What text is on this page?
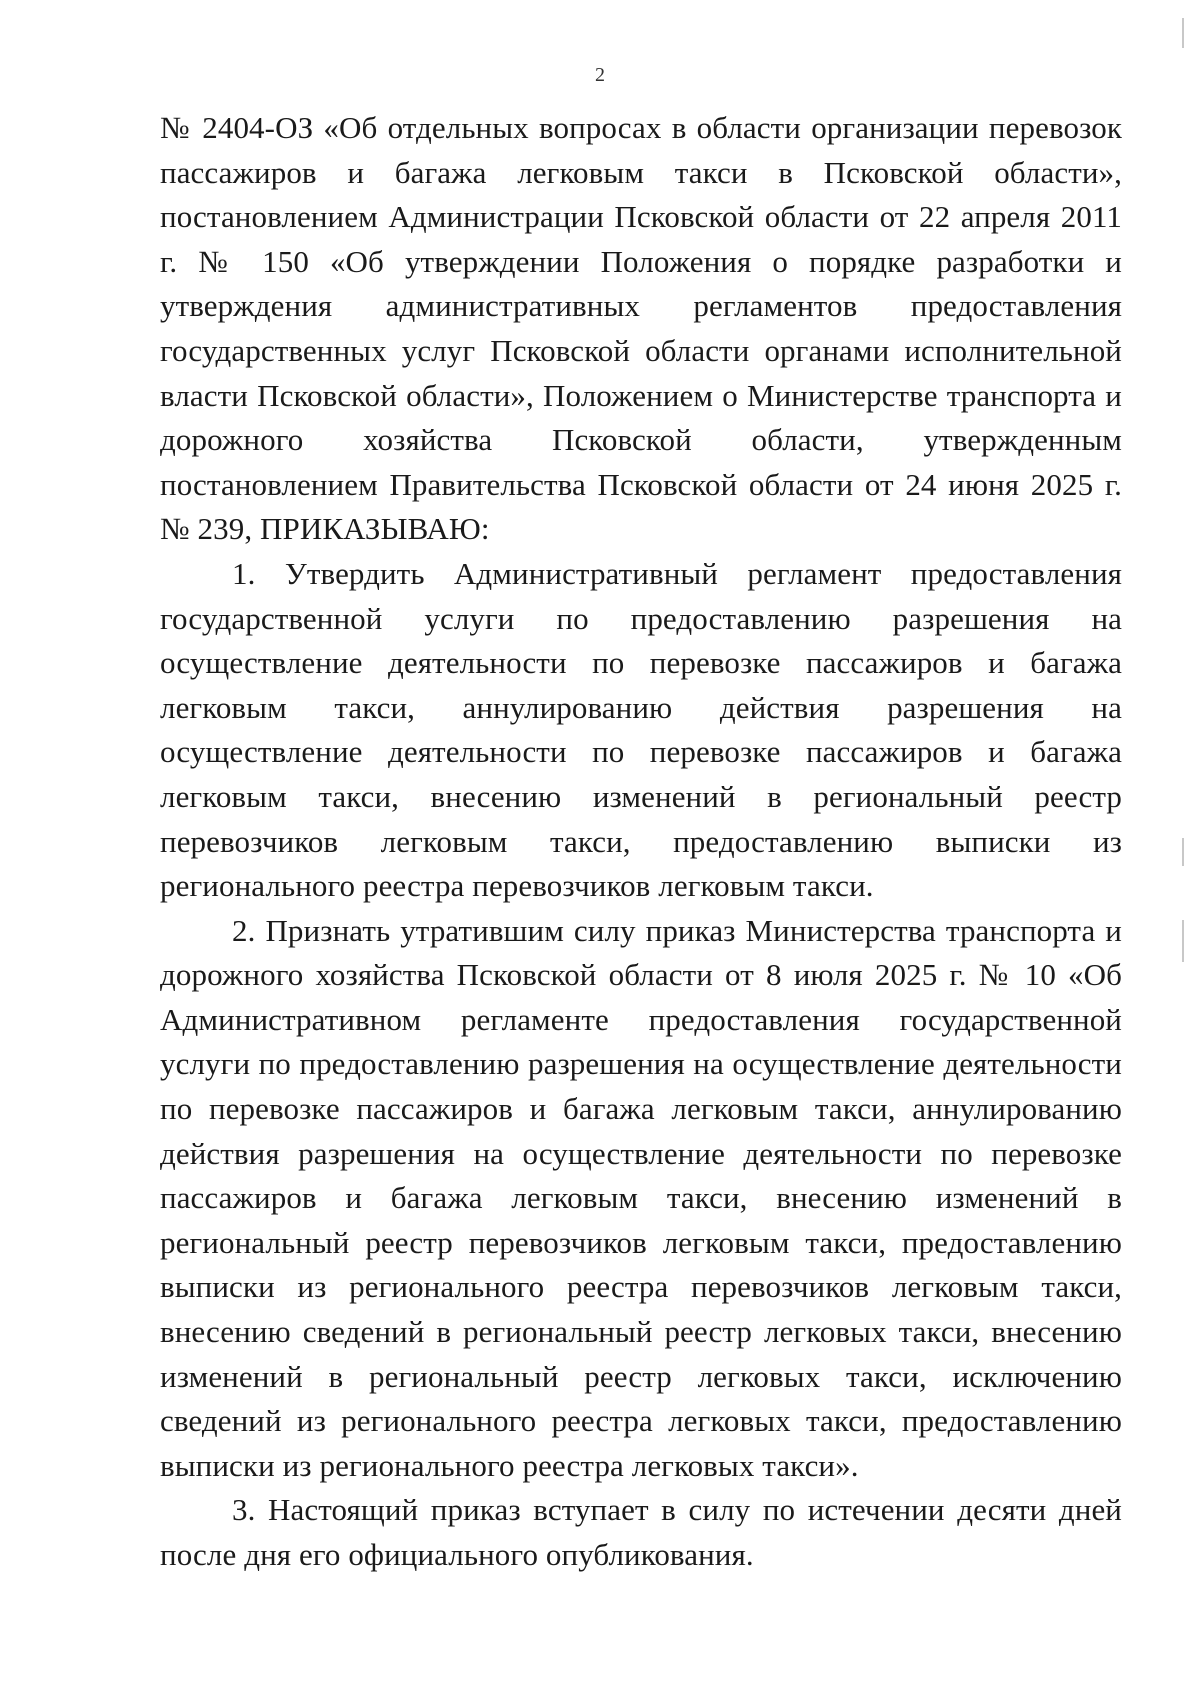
2

№ 2404-ОЗ «Об отдельных вопросах в области организации перевозок пассажиров и багажа легковым такси в Псковской области», постановлением Администрации Псковской области от 22 апреля 2011 г. № 150 «Об утверждении Положения о порядке разработки и утверждения административных регламентов предоставления государственных услуг Псковской области органами исполнительной власти Псковской области», Положением о Министерстве транспорта и дорожного хозяйства Псковской области, утвержденным постановлением Правительства Псковской области от 24 июня 2025 г. № 239, ПРИКАЗЫВАЮ:

1. Утвердить Административный регламент предоставления государственной услуги по предоставлению разрешения на осуществление деятельности по перевозке пассажиров и багажа легковым такси, аннулированию действия разрешения на осуществление деятельности по перевозке пассажиров и багажа легковым такси, внесению изменений в региональный реестр перевозчиков легковым такси, предоставлению выписки из регионального реестра перевозчиков легковым такси.

2. Признать утратившим силу приказ Министерства транспорта и дорожного хозяйства Псковской области от 8 июля 2025 г. № 10 «Об Административном регламенте предоставления государственной услуги по предоставлению разрешения на осуществление деятельности по перевозке пассажиров и багажа легковым такси, аннулированию действия разрешения на осуществление деятельности по перевозке пассажиров и багажа легковым такси, внесению изменений в региональный реестр перевозчиков легковым такси, предоставлению выписки из регионального реестра перевозчиков легковым такси, внесению сведений в региональный реестр легковых такси, внесению изменений в региональный реестр легковых такси, исключению сведений из регионального реестра легковых такси, предоставлению выписки из регионального реестра легковых такси».

3. Настоящий приказ вступает в силу по истечении десяти дней после дня его официального опубликования.
